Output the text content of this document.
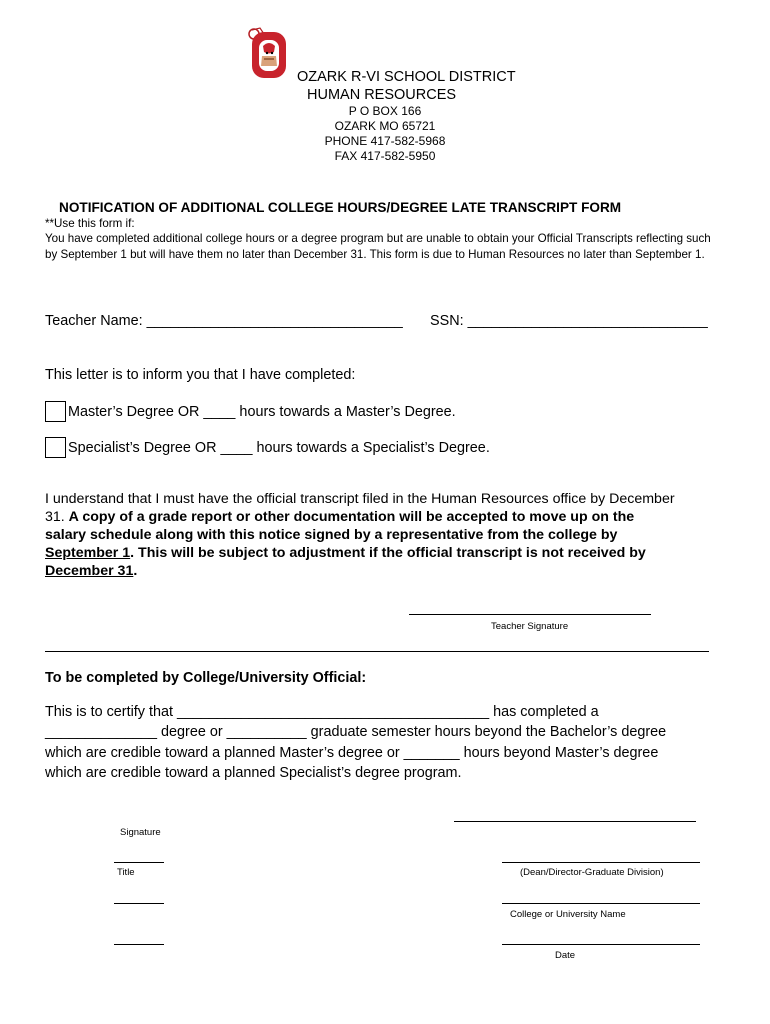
OZARK R-VI SCHOOL DISTRICT
HUMAN RESOURCES
P O BOX 166
OZARK MO 65721
PHONE 417-582-5968
FAX 417-582-5950
NOTIFICATION OF ADDITIONAL COLLEGE HOURS/DEGREE LATE TRANSCRIPT FORM
**Use this form if:
You have completed additional college hours or a degree program but are unable to obtain your Official Transcripts reflecting such by September 1 but will have them no later than December 31. This form is due to Human Resources no later than September 1.
Teacher Name: ________________________________ SSN: ______________________________
This letter is to inform you that I have completed:
Master’s Degree OR ____ hours towards a Master’s Degree.
Specialist’s Degree OR ____ hours towards a Specialist’s Degree.
I understand that I must have the official transcript filed in the Human Resources office by December
31. A copy of a grade report or other documentation will be accepted to move up on the
salary schedule along with this notice signed by a representative from the college by
September 1. This will be subject to adjustment if the official transcript is not received by
December 31.
Teacher Signature
To be completed by College/University Official:
This is to certify that _______________________________________ has completed a
______________ degree or __________ graduate semester hours beyond the Bachelor’s degree
which are credible toward a planned Master’s degree or _______ hours beyond Master’s degree
which are credible toward a planned Specialist’s degree program.
Signature
Title	(Dean/Director-Graduate Division)
College or University Name
Date
